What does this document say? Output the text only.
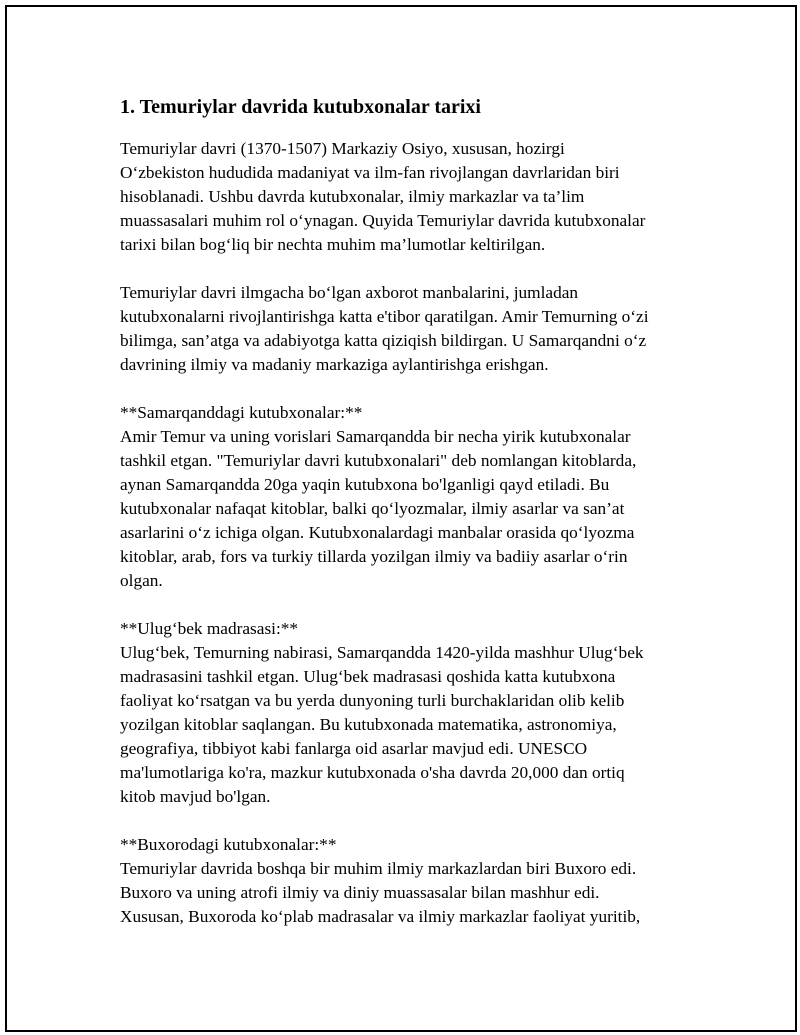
1. Temuriylar davrida kutubxonalar tarixi

Temuriylar davri (1370-1507) Markaziy Osiyo, xususan, hozirgi
O‘zbekiston hududida madaniyat va ilm-fan rivojlangan davrlaridan biri
hisoblanadi. Ushbu davrda kutubxonalar, ilmiy markazlar va ta’lim
muassasalari muhim rol o‘ynagan. Quyida Temuriylar davrida kutubxonalar
tarixi bilan bog‘liq bir nechta muhim ma’lumotlar keltirilgan.

Temuriylar davri ilmgacha bo‘lgan axborot manbalarini, jumladan
kutubxonalarni rivojlantirishga katta e'tibor qaratilgan. Amir Temurning o‘zi
bilimga, san’atga va adabiyotga katta qiziqish bildirgan. U Samarqandni o‘z
davrining ilmiy va madaniy markaziga aylantirishga erishgan.

**Samarqanddagi kutubxonalar:**
Amir Temur va uning vorislari Samarqandda bir necha yirik kutubxonalar
tashkil etgan. "Temuriylar davri kutubxonalari" deb nomlangan kitoblarda,
aynan Samarqandda 20ga yaqin kutubxona bo'lganligi qayd etiladi. Bu
kutubxonalar nafaqat kitoblar, balki qo‘lyozmalar, ilmiy asarlar va san’at
asarlarini o‘z ichiga olgan. Kutubxonalardagi manbalar orasida qo‘lyozma
kitoblar, arab, fors va turkiy tillarda yozilgan ilmiy va badiiy asarlar o‘rin
olgan.

**Ulug‘bek madrasasi:**
Ulug‘bek, Temurning nabirasi, Samarqandda 1420-yilda mashhur Ulug‘bek
madrasasini tashkil etgan. Ulug‘bek madrasasi qoshida katta kutubxona
faoliyat ko‘rsatgan va bu yerda dunyoning turli burchaklaridan olib kelib
yozilgan kitoblar saqlangan. Bu kutubxonada matematika, astronomiya,
geografiya, tibbiyot kabi fanlarga oid asarlar mavjud edi. UNESCO
ma'lumotlariga ko'ra, mazkur kutubxonada o'sha davrda 20,000 dan ortiq
kitob mavjud bo'lgan.

**Buxorodagi kutubxonalar:**
Temuriylar davrida boshqa bir muhim ilmiy markazlardan biri Buxoro edi.
Buxoro va uning atrofi ilmiy va diniy muassasalar bilan mashhur edi.
Xususan, Buxoroda ko‘plab madrasalar va ilmiy markazlar faoliyat yuritib,
